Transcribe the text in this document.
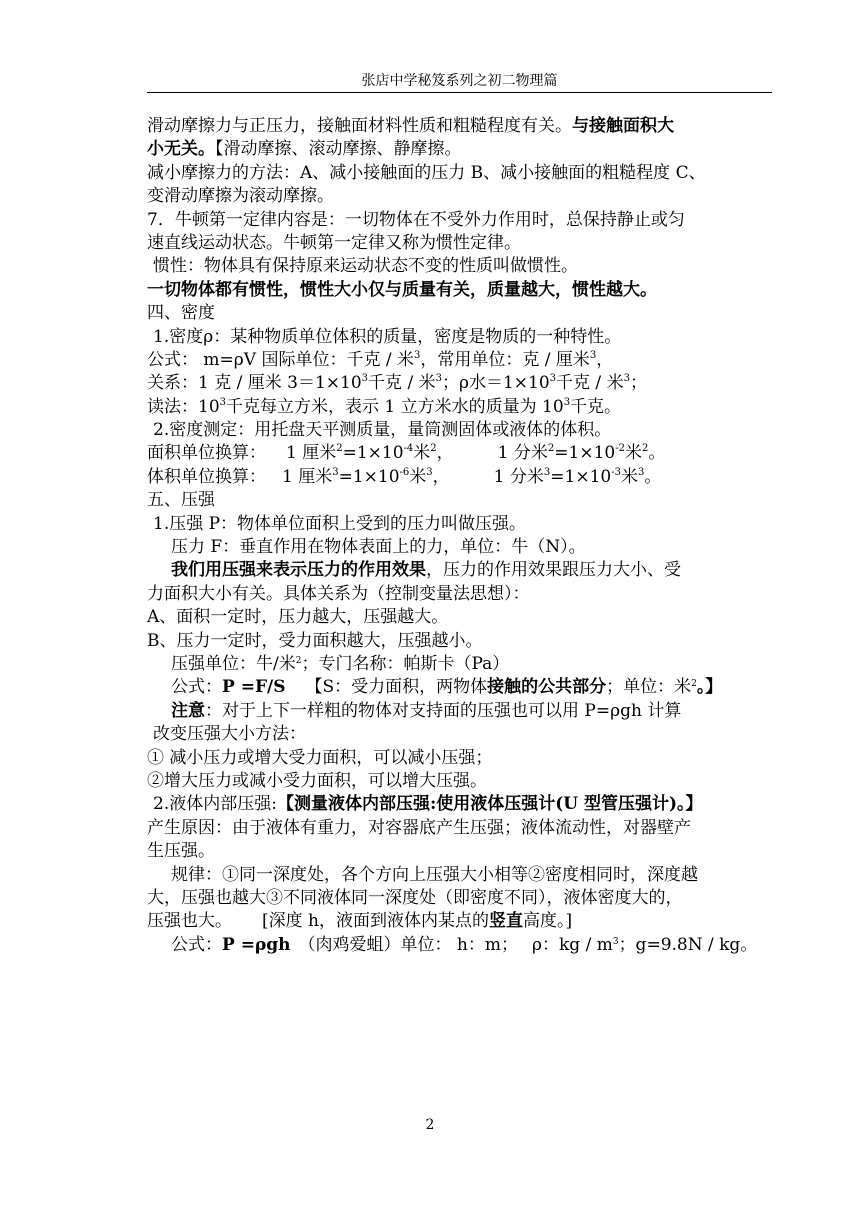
张店中学秘笈系列之初二物理篇
滑动摩擦力与正压力，接触面材料性质和粗糙程度有关。与接触面积大
小无关。【滑动摩擦、滚动摩擦、静摩擦。
减小摩擦力的方法：A、减小接触面的压力 B、减小接触面的粗糙程度 C、
变滑动摩擦为滚动摩擦。
7．牛顿第一定律内容是：一切物体在不受外力作用时，总保持静止或匀
速直线运动状态。牛顿第一定律又称为惯性定律。
惯性：物体具有保持原来运动状态不变的性质叫做惯性。
一切物体都有惯性，惯性大小仅与质量有关，质量越大，惯性越大。
四、密度
1.密度ρ：某种物质单位体积的质量，密度是物质的一种特性。
公式： m=ρV 国际单位：千克 / 米$^3$，常用单位：克 / 厘米$^3$，
关系：1 克 / 厘米 $3=1\times 10^3$千克 / 米$^3$；ρ水$=1\times 10^3$千克 / 米$^3$；
读法：$10^3$千克每立方米，表示 1 立方米水的质量为 $10^3$千克。
2.密度测定：用托盘天平测质量，量筒测固体或液体的体积。
面积单位换算： 1 厘米$^2=1\times 10^{-4}$米$^2$，	1 分米$^2=1\times 10^{-2}$米$^2$。
体积单位换算： 1 厘米$^3=1\times 10^{-6}$米$^3$，	1 分米$^3=1\times 10^{-3}$米$^3$。
五、压强
1.压强 P：物体单位面积上受到的压力叫做压强。
压力 F：垂直作用在物体表面上的力，单位：牛（N）。
我们用压强来表示压力的作用效果，压力的作用效果跟压力大小、受
力面积大小有关。具体关系为（控制变量法思想）：
A、面积一定时，压力越大，压强越大。
B、压力一定时，受力面积越大，压强越小。
压强单位：牛/米$^2$；专门名称：帕斯卡（Pa）
公式：P =F/S 【S：受力面积，两物体接触的公共部分；单位：米$^2$。】
注意：对于上下一样粗的物体对支持面的压强也可以用 P=ρgh 计算
改变压强大小方法：
① 减小压力或增大受力面积，可以减小压强；
②增大压力或减小受力面积，可以增大压强。
2.液体内部压强:【测量液体内部压强:使用液体压强计(U 型管压强计)。】
产生原因：由于液体有重力，对容器底产生压强；液体流动性，对器壁产
生压强。
规律：①同一深度处，各个方向上压强大小相等②密度相同时，深度越
大，压强也越大③不同液体同一深度处（即密度不同），液体密度大的，
压强也大。 [深度 h，液面到液体内某点的竖直高度。]
公式：P =ρgh （肉鸡爱蛆）单位： h：m； ρ：kg / $m^3$；g=9.8N / kg。
2
